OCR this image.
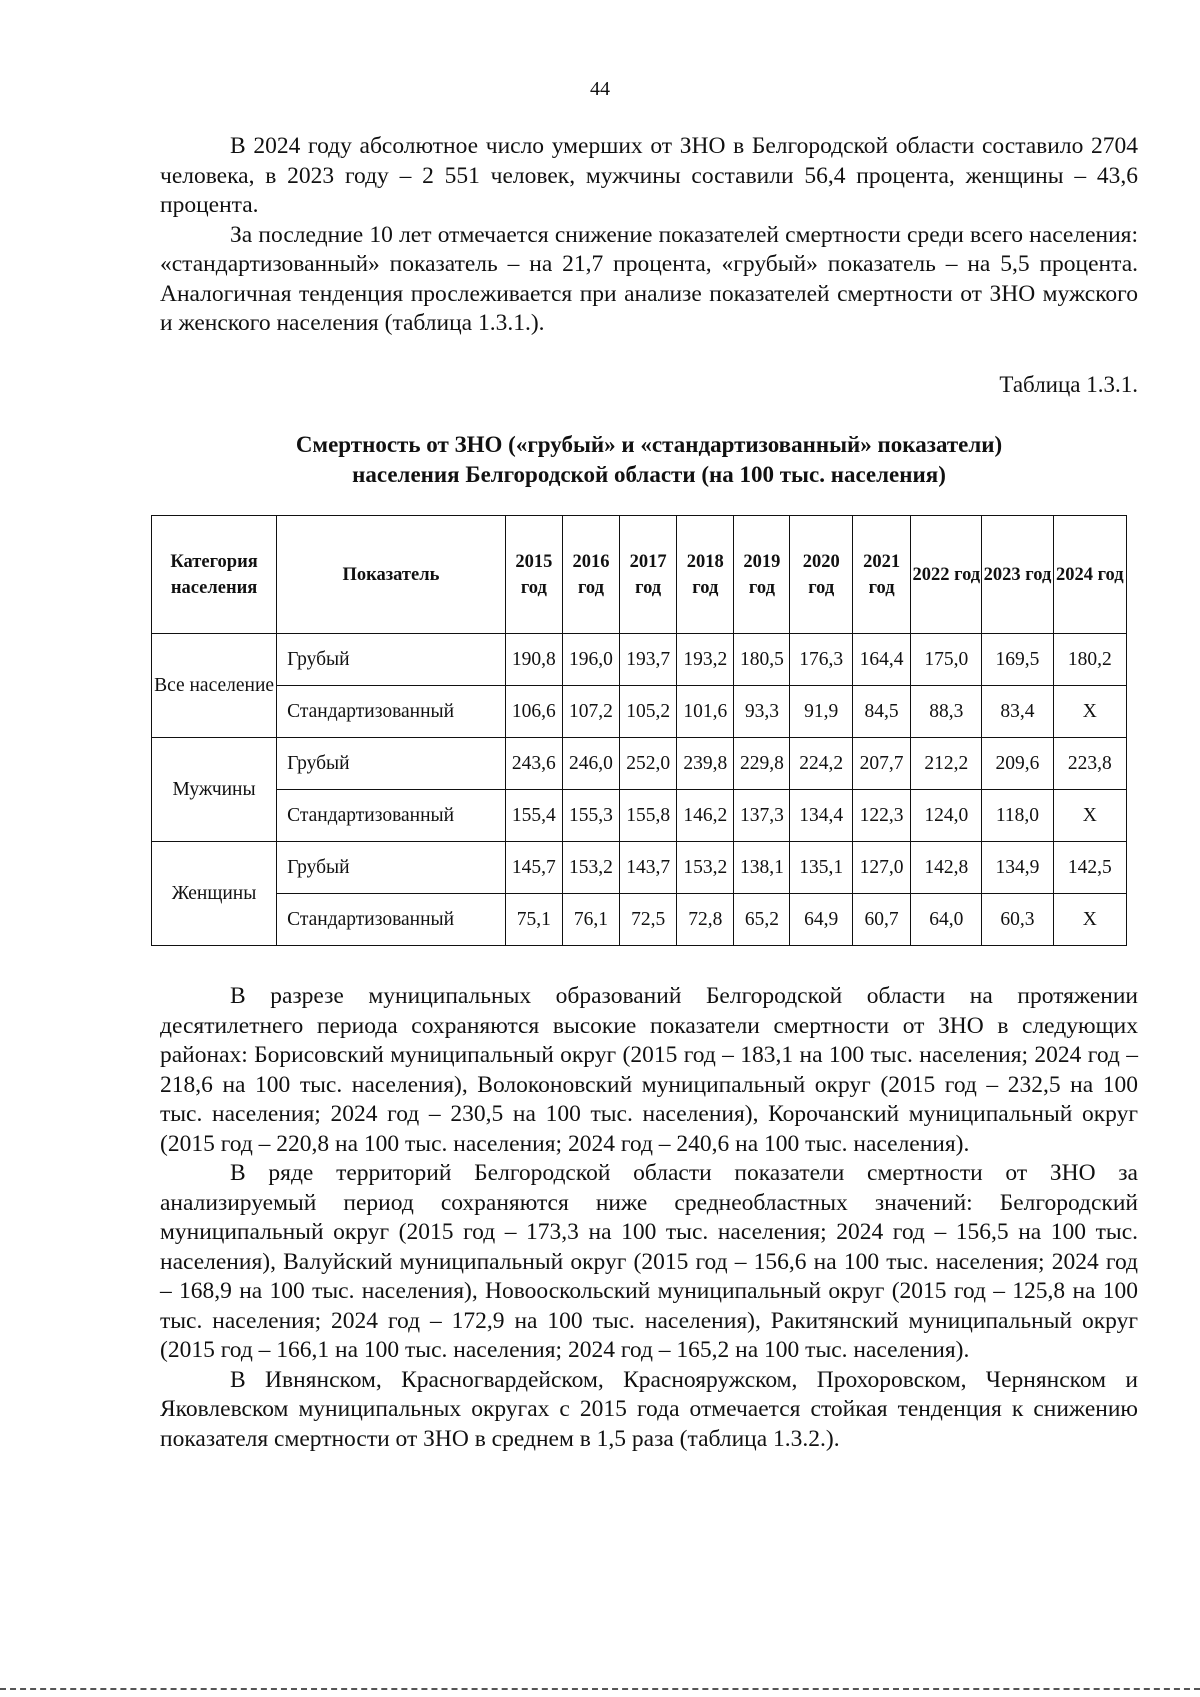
44

В 2024 году абсолютное число умерших от ЗНО в Белгородской области составило 2704 человека, в 2023 году – 2 551 человек, мужчины составили 56,4 процента, женщины – 43,6 процента.

За последние 10 лет отмечается снижение показателей смертности среди всего населения: «стандартизованный» показатель – на 21,7 процента, «грубый» показатель – на 5,5 процента. Аналогичная тенденция прослеживается при анализе показателей смертности от ЗНО мужского и женского населения (таблица 1.3.1.).

Таблица 1.3.1.
Смертность от ЗНО («грубый» и «стандартизованный» показатели)
населения Белгородской области (на 100 тыс. населения)
Категория населения	Показатель	2015 год	2016 год	2017 год	2018 год	2019 год	2020 год	2021 год	2022 год	2023 год	2024 год
Все население	Грубый	190,8	196,0	193,7	193,2	180,5	176,3	164,4	175,0	169,5	180,2
	Стандартизованный	106,6	107,2	105,2	101,6	93,3	91,9	84,5	88,3	83,4	X
Мужчины	Грубый	243,6	246,0	252,0	239,8	229,8	224,2	207,7	212,2	209,6	223,8
	Стандартизованный	155,4	155,3	155,8	146,2	137,3	134,4	122,3	124,0	118,0	X
Женщины	Грубый	145,7	153,2	143,7	153,2	138,1	135,1	127,0	142,8	134,9	142,5
	Стандартизованный	75,1	76,1	72,5	72,8	65,2	64,9	60,7	64,0	60,3	X

В разрезе муниципальных образований Белгородской области на протяжении десятилетнего периода сохраняются высокие показатели смертности от ЗНО в следующих районах: Борисовский муниципальный округ (2015 год – 183,1 на 100 тыс. населения; 2024 год – 218,6 на 100 тыс. населения), Волоконовский муниципальный округ (2015 год – 232,5 на 100 тыс. населения; 2024 год – 230,5 на 100 тыс. населения), Корочанский муниципальный округ (2015 год – 220,8 на 100 тыс. населения; 2024 год – 240,6 на 100 тыс. населения).

В ряде территорий Белгородской области показатели смертности от ЗНО за анализируемый период сохраняются ниже среднеобластных значений: Белгородский муниципальный округ (2015 год – 173,3 на 100 тыс. населения; 2024 год – 156,5 на 100 тыс. населения), Валуйский муниципальный округ (2015 год – 156,6 на 100 тыс. населения; 2024 год – 168,9 на 100 тыс. населения), Новооскольский муниципальный округ (2015 год – 125,8 на 100 тыс. населения; 2024 год – 172,9 на 100 тыс. населения), Ракитянский муниципальный округ (2015 год – 166,1 на 100 тыс. населения; 2024 год – 165,2 на 100 тыс. населения).

В Ивнянском, Красногвардейском, Краснояружском, Прохоровском, Чернянском и Яковлевском муниципальных округах с 2015 года отмечается стойкая тенденция к снижению показателя смертности от ЗНО в среднем в 1,5 раза (таблица 1.3.2.).
